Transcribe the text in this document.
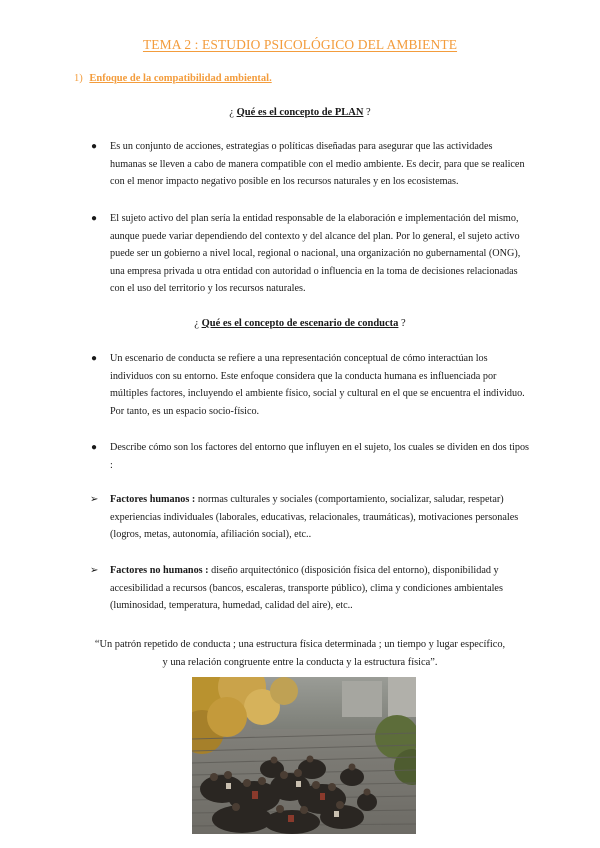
TEMA 2 : ESTUDIO PSICOLÓGICO DEL AMBIENTE
1) Enfoque de la compatibilidad ambiental.
¿ Qué es el concepto de PLAN ?
● Es un conjunto de acciones, estrategias o políticas diseñadas para asegurar que las actividades humanas se lleven a cabo de manera compatible con el medio ambiente. Es decir, para que se realicen con el menor impacto negativo posible en los recursos naturales y en los ecosistemas.
● El sujeto activo del plan sería la entidad responsable de la elaboración e implementación del mismo, aunque puede variar dependiendo del contexto y del alcance del plan. Por lo general, el sujeto activo puede ser un gobierno a nivel local, regional o nacional, una organización no gubernamental (ONG), una empresa privada u otra entidad con autoridad o influencia en la toma de decisiones relacionadas con el uso del territorio y los recursos naturales.
¿ Qué es el concepto de escenario de conducta ?
● Un escenario de conducta se refiere a una representación conceptual de cómo interactúan los individuos con su entorno. Este enfoque considera que la conducta humana es influenciada por múltiples factores, incluyendo el ambiente físico, social y cultural en el que se encuentra el individuo. Por tanto, es un espacio socio-físico.
● Describe cómo son los factores del entorno que influyen en el sujeto, los cuales se dividen en dos tipos :
➢ Factores humanos : normas culturales y sociales (comportamiento, socializar, saludar, respetar) experiencias individuales (laborales, educativas, relacionales, traumáticas), motivaciones personales (logros, metas, autonomía, afiliación social), etc..
➢ Factores no humanos : diseño arquitectónico (disposición física del entorno), disponibilidad y accesibilidad a recursos (bancos, escaleras, transporte público), clima y condiciones ambientales (luminosidad, temperatura, humedad, calidad del aire), etc..
“Un patrón repetido de conducta ; una estructura física determinada ; un tiempo y lugar específico,
y una relación congruente entre la conducta y la estructura física”.
